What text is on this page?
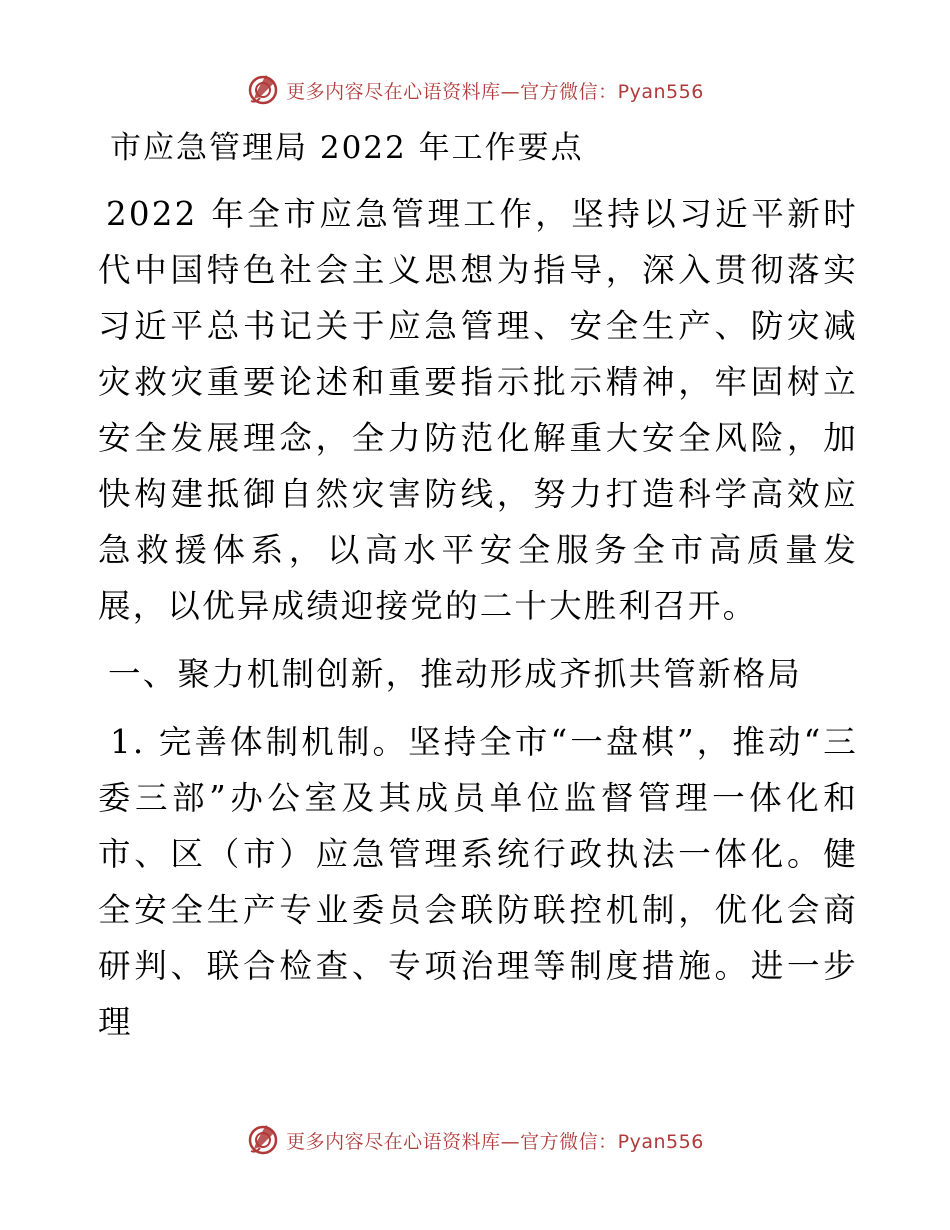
更多内容尽在心语资料库—官方微信：Pyan556

市应急管理局 2022 年工作要点

2022 年全市应急管理工作，坚持以习近平新时代中国特色社会主义思想为指导，深入贯彻落实习近平总书记关于应急管理、安全生产、防灾减灾救灾重要论述和重要指示批示精神，牢固树立安全发展理念，全力防范化解重大安全风险，加快构建抵御自然灾害防线，努力打造科学高效应急救援体系，以高水平安全服务全市高质量发展，以优异成绩迎接党的二十大胜利召开。

一、聚力机制创新，推动形成齐抓共管新格局

1. 完善体制机制。坚持全市“一盘棋”，推动“三委三部”办公室及其成员单位监督管理一体化和市、区（市）应急管理系统行政执法一体化。健全安全生产专业委员会联防联控机制，优化会商研判、联合检查、专项治理等制度措施。进一步理

更多内容尽在心语资料库—官方微信：Pyan556
